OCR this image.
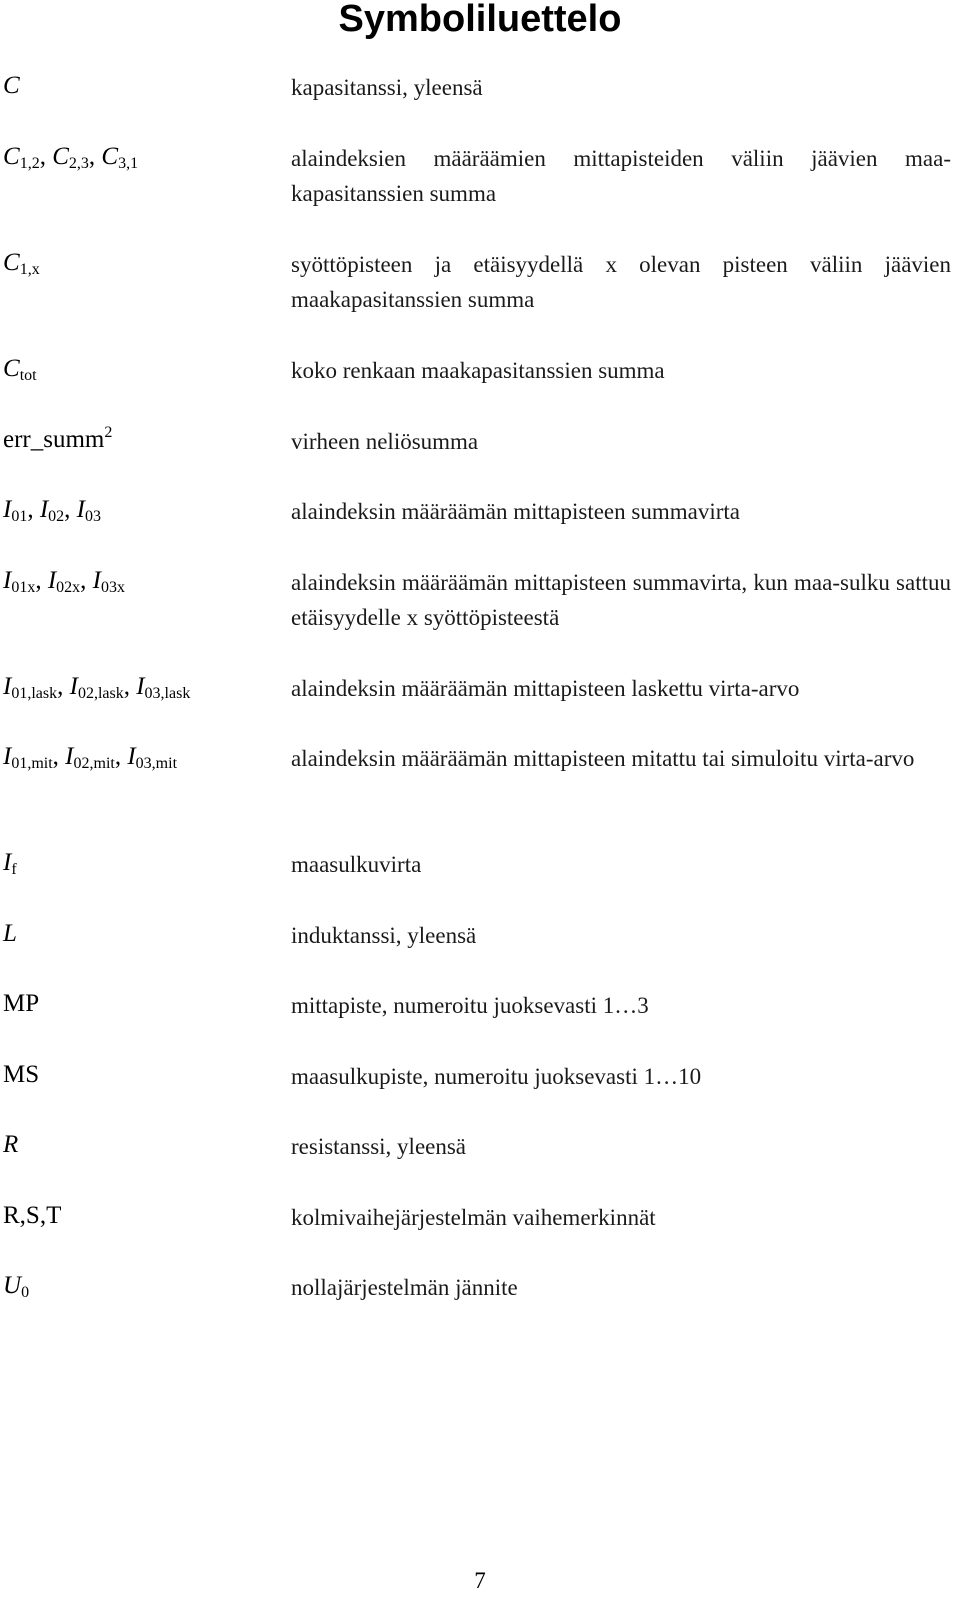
Symboliluettelo
C	kapasitanssi, yleensä
$C_{1,2}$, $C_{2,3}$, $C_{3,1}$	alaindeksien määräämien mittapisteiden väliin jäävien maa-kapasitanssien summa
$C_{1,x}$	syöttöpisteen ja etäisyydellä x olevan pisteen väliin jäävien maakapasitanssien summa
$C_{tot}$	koko renkaan maakapasitanssien summa
err_summ$^2$	virheen neliösumma
$I_{01}$, $I_{02}$, $I_{03}$	alaindeksin määräämän mittapisteen summavirta
$I_{01x}$, $I_{02x}$, $I_{03x}$	alaindeksin määräämän mittapisteen summavirta, kun maa-sulku sattuu etäisyydelle x syöttöpisteestä
$I_{01,lask}$, $I_{02,lask}$, $I_{03,lask}$	alaindeksin määräämän mittapisteen laskettu virta-arvo
$I_{01,mit}$, $I_{02,mit}$, $I_{03,mit}$	alaindeksin määräämän mittapisteen mitattu tai simuloitu virta-arvo
$I_f$	maasulkuvirta
L	induktanssi, yleensä
MP	mittapiste, numeroitu juoksevasti 1…3
MS	maasulkupiste, numeroitu juoksevasti 1…10
R	resistanssi, yleensä
R,S,T	kolmivaihejärjestelmän vaihemerkinnät
$U_0$	nollajärjestelmän jännite
7
